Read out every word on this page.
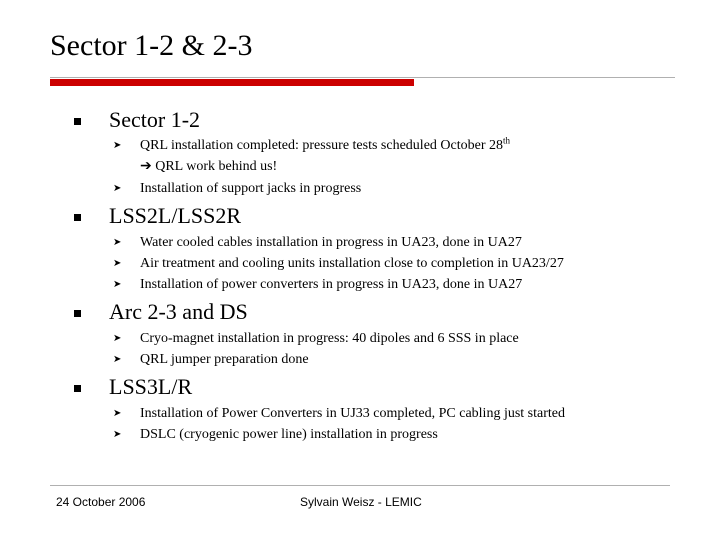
Sector 1-2 & 2-3
Sector 1-2
➤ QRL installation completed: pressure tests scheduled October 28th
➔ QRL work behind us!
➤ Installation of support jacks in progress
LSS2L/LSS2R
➤ Water cooled cables installation in progress in UA23, done in UA27
➤ Air treatment and cooling units installation close to completion in UA23/27
➤ Installation of power converters in progress in UA23, done in UA27
Arc 2-3 and DS
➤ Cryo-magnet installation in progress: 40 dipoles and 6 SSS in place
➤ QRL jumper preparation done
LSS3L/R
➤ Installation of Power Converters in UJ33 completed, PC cabling just started
➤ DSLC (cryogenic power line) installation in progress
24 October 2006	Sylvain Weisz - LEMIC
